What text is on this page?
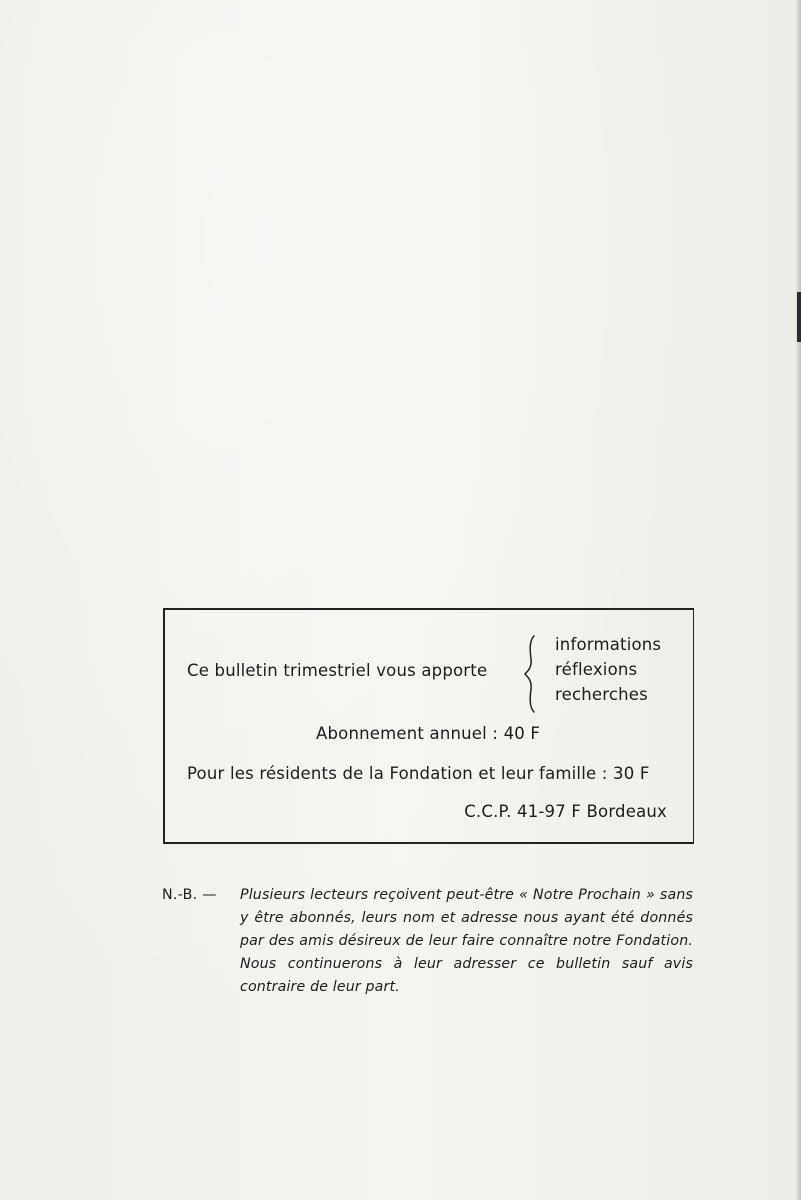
Ce bulletin trimestriel vous apporte
informations
réflexions
recherches
Abonnement annuel : 40 F
Pour les résidents de la Fondation et leur famille : 30 F
C.C.P. 41-97 F Bordeaux
N.-B. — Plusieurs lecteurs reçoivent peut-être « Notre Prochain » sans y être abonnés, leurs nom et adresse nous ayant été donnés par des amis désireux de leur faire connaître notre Fondation. Nous continuerons à leur adresser ce bulletin sauf avis contraire de leur part.
